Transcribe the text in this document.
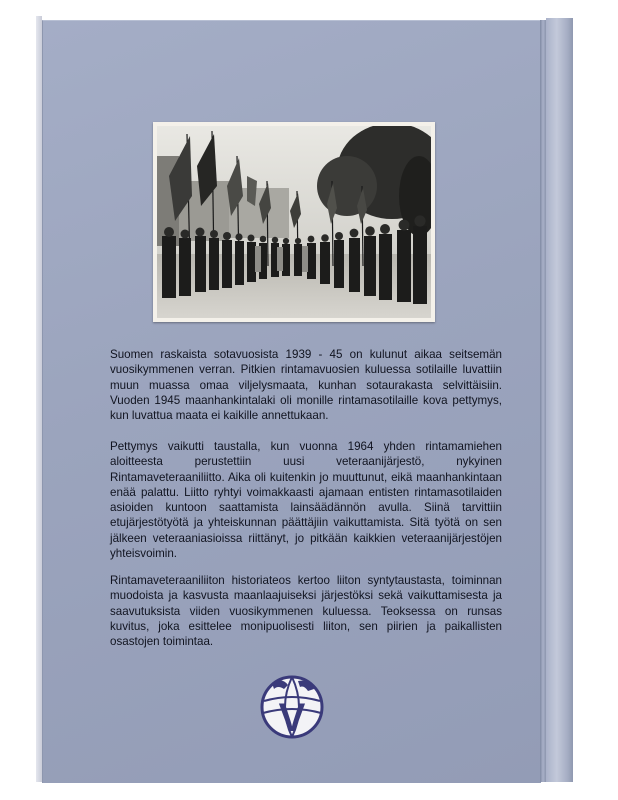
Suomen raskaista sotavuosista 1939 - 45 on kulunut aikaa seitsemän vuosikymmenen verran. Pitkien rintamavuosien kuluessa sotilaille luvattiin muun muassa omaa viljelysmaata, kunhan sotaurakasta selvittäisiin. Vuoden 1945 maanhankintalaki oli monille rintamasotilaille kova pettymys, kun luvattua maata ei kaikille annettukaan.
Pettymys vaikutti taustalla, kun vuonna 1964 yhden rintamamiehen aloitteesta perustettiin uusi veteraanijärjestö, nykyinen Rintamaveteraaniliitto. Aika oli kuitenkin jo muuttunut, eikä maanhankintaan enää palattu. Liitto ryhtyi voimakkaasti ajamaan entisten rintamasotilaiden asioiden kuntoon saattamista lainsäädännön avulla. Siinä tarvittiin etujärjestötyötä ja yhteiskunnan päättäjiin vaikuttamista. Sitä työtä on sen jälkeen veteraaniasioissa riittänyt, jo pitkään kaikkien veteraanijärjestöjen yhteisvoimin.
Rintamaveteraaniliiton historiateos kertoo liiton syntytaustasta, toiminnan muodoista ja kasvusta maanlaajuiseksi järjestöksi sekä vaikuttamisesta ja saavutuksista viiden vuosikymmenen kuluessa. Teoksessa on runsas kuvitus, joka esittelee monipuolisesti liiton, sen piirien ja paikallisten osastojen toimintaa.
V
